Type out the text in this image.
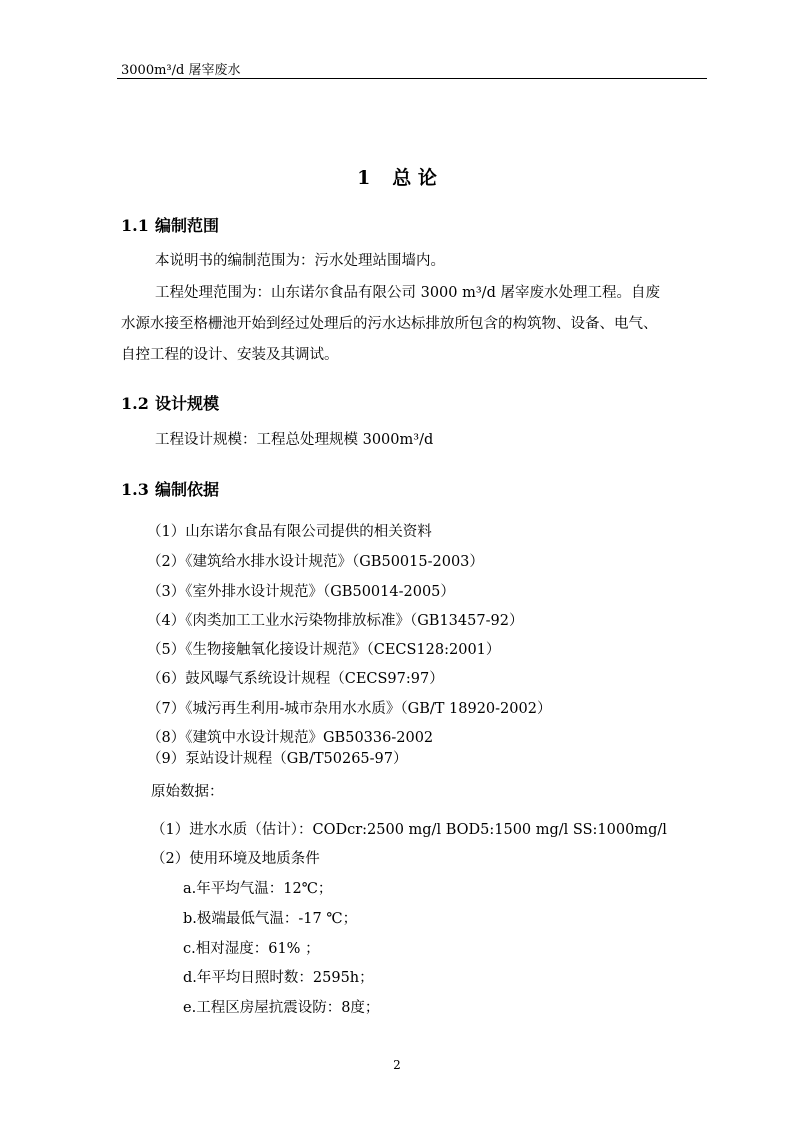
3000m³/d 屠宰废水
1 总 论
1.1 编制范围
本说明书的编制范围为：污水处理站围墙内。
工程处理范围为：山东诺尔食品有限公司 3000 m³/d 屠宰废水处理工程。自废
水源水接至格栅池开始到经过处理后的污水达标排放所包含的构筑物、设备、电气、
自控工程的设计、安装及其调试。
1.2 设计规模
工程设计规模：工程总处理规模 3000m³/d
1.3 编制依据
（1）山东诺尔食品有限公司提供的相关资料
（2）《建筑给水排水设计规范》（GB50015-2003）
（3）《室外排水设计规范》（GB50014-2005）
（4）《肉类加工工业水污染物排放标准》（GB13457-92）
（5）《生物接触氧化接设计规范》（CECS128:2001）
（6）鼓风曝气系统设计规程（CECS97:97）
（7）《城污再生利用-城市杂用水水质》（GB/T 18920-2002）
（8）《建筑中水设计规范》GB50336-2002
（9）泵站设计规程（GB/T50265-97）
原始数据：
（1）进水水质（估计）：CODcr:2500 mg/l BOD5:1500 mg/l SS:1000mg/l
（2）使用环境及地质条件
a.年平均气温：12℃；
b.极端最低气温：-17 ℃；
c.相对湿度：61% ；
d.年平均日照时数：2595h；
e.工程区房屋抗震设防：8度；
2
